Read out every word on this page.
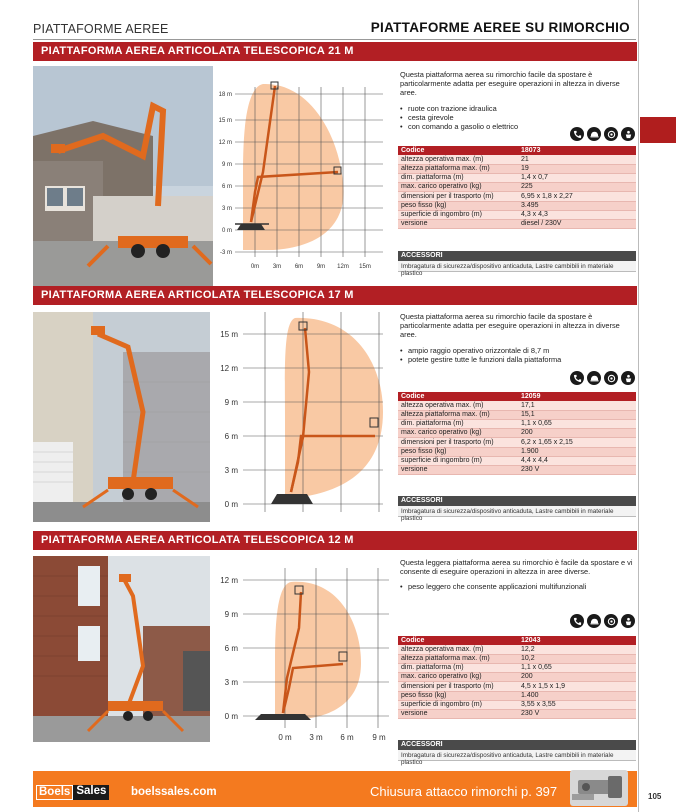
PIATTAFORME AEREE	PIATTAFORME AEREE SU RIMORCHIO
PIATTAFORMA AEREA ARTICOLATA TELESCOPICA 21 M
18 m
15 m
12 m
9 m
6 m
3 m
0 m
-3 m
0m 3m 6m 9m 12m 15m
Questa piattaforma aerea su rimorchio facile da spostare è particolarmente adatta per eseguire operazioni in altezza in diverse aree.
• ruote con trazione idraulica
• cesta girevole
• con comando a gasolio o elettrico
Codice	18073
altezza operativa max. (m)	21
altezza piattaforma max. (m)	19
dim. piattaforma (m)	1,4 x 0,7
max. carico operativo (kg)	225
dimensioni per il trasporto (m)	6,95 x 1,8 x 2,27
peso fisso (kg)	3.495
superficie di ingombro (m)	4,3 x 4,3
versione	diesel / 230V
ACCESSORI
Imbragatura di sicurezza/dispositivo anticaduta, Lastre cambibili in materiale plastico
PIATTAFORMA AEREA ARTICOLATA TELESCOPICA 17 M
15 m
12 m
9 m
6 m
3 m
0 m
Questa piattaforma aerea su rimorchio facile da spostare è particolarmente adatta per eseguire operazioni in altezza in diverse aree.
• ampio raggio operativo orizzontale di 8,7 m
• potete gestire tutte le funzioni dalla piattaforma
Codice	12059
altezza operativa max. (m)	17,1
altezza piattaforma max. (m)	15,1
dim. piattaforma (m)	1,1 x 0,65
max. carico operativo (kg)	200
dimensioni per il trasporto (m)	6,2 x 1,65 x 2,15
peso fisso (kg)	1.900
superficie di ingombro (m)	4,4 x 4,4
versione	230 V
ACCESSORI
Imbragatura di sicurezza/dispositivo anticaduta, Lastre cambibili in materiale plastico
PIATTAFORMA AEREA ARTICOLATA TELESCOPICA 12 M
12 m
9 m
6 m
3 m
0 m
0 m 3 m 6 m 9 m
Questa leggera piattaforma aerea su rimorchio è facile da spostare e vi consente di eseguire operazioni in altezza in aree diverse.
• peso leggero che consente applicazioni multifunzionali
Codice	12043
altezza operativa max. (m)	12,2
altezza piattaforma max. (m)	10,2
dim. piattaforma (m)	1,1 x 0,65
max. carico operativo (kg)	200
dimensioni per il trasporto (m)	4,5 x 1,5 x 1,9
peso fisso (kg)	1.400
superficie di ingombro (m)	3,55 x 3,55
versione	230 V
ACCESSORI
Imbragatura di sicurezza/dispositivo anticaduta, Lastre cambibili in materiale plastico
Boels Sales boelssales.com	Chiusura attacco rimorchi p. 397	105
